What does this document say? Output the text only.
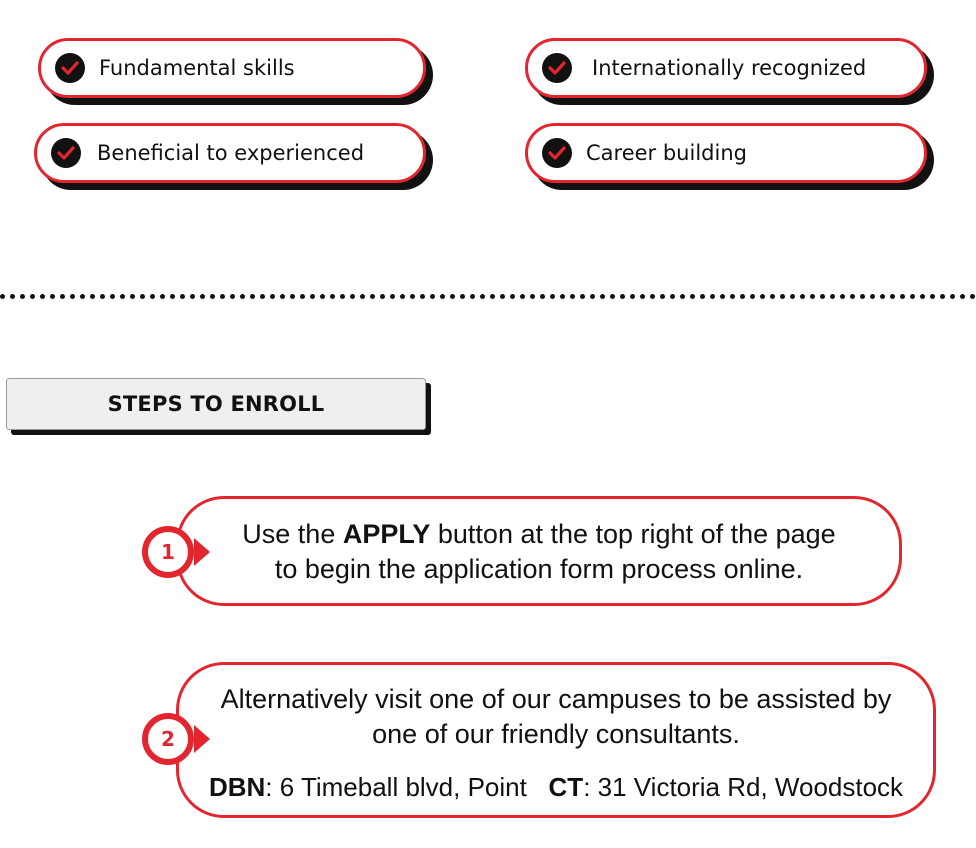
Fundamental skills	Internationally recognized
Beneficial to experienced	Career building
STEPS TO ENROLL
Use the APPLY button at the top right of the page
to begin the application form process online.
1
Alternatively visit one of our campuses to be assisted by
one of our friendly consultants.
DBN: 6 Timeball blvd, Point CT: 31 Victoria Rd, Woodstock
2
